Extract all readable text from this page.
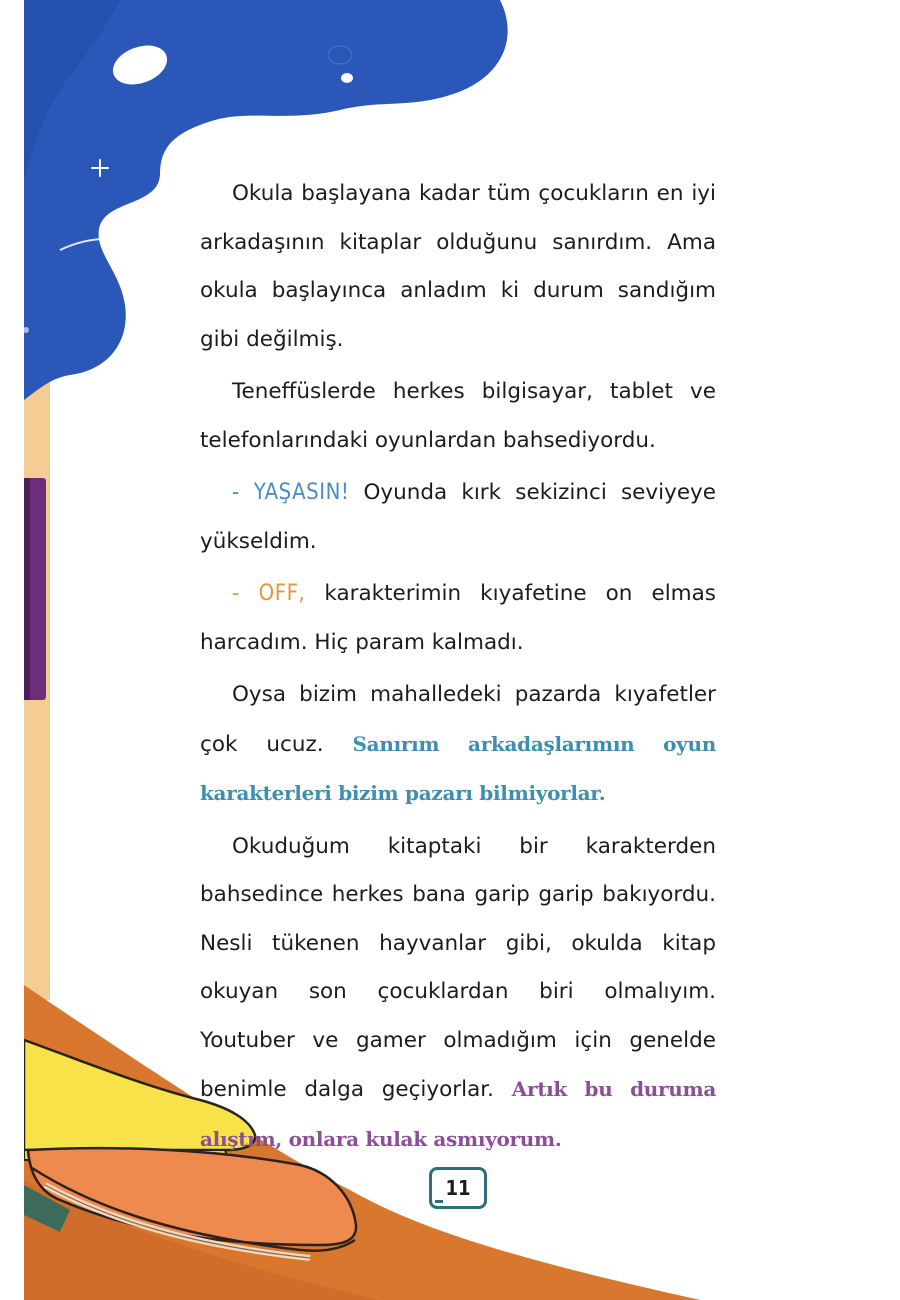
Okula başlayana kadar tüm çocukların en iyi arkadaşının kitaplar olduğunu sanırdım. Ama okula başlayınca anladım ki durum sandığım gibi değilmiş.

Teneffüslerde herkes bilgisayar, tablet ve telefonlarındaki oyunlardan bahsediyordu.

- YAŞASIN! Oyunda kırk sekizinci seviyeye yükseldim.

- OFF, karakterimin kıyafetine on elmas harcadım. Hiç param kalmadı.

Oysa bizim mahalledeki pazarda kıyafetler çok ucuz. Sanırım arkadaşlarımın oyun karakterleri bizim pazarı bilmiyorlar.

Okuduğum kitaptaki bir karakterden bahsedince herkes bana garip garip bakıyordu. Nesli tükenen hayvanlar gibi, okulda kitap okuyan son çocuklardan biri olmalıyım. Youtuber ve gamer olmadığım için genelde benimle dalga geçiyorlar. Artık bu duruma alıştım, onlara kulak asmıyorum.

11
